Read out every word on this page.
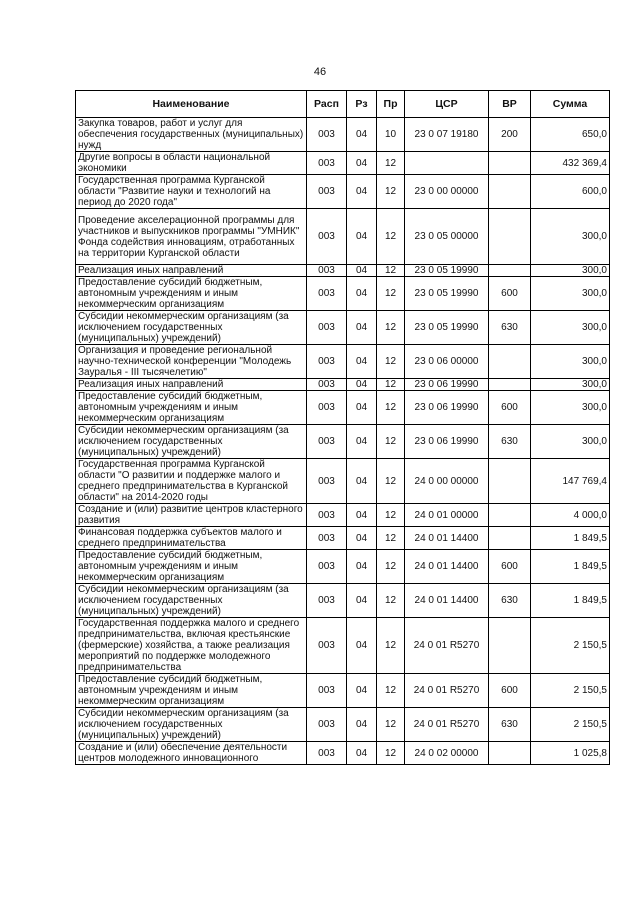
46
Наименование	Расп	Рз	Пр	ЦСР	ВР	Сумма
Закупка товаров, работ и услуг для обеспечения государственных (муниципальных) нужд	003	04	10	23 0 07 19180	200	650,0
Другие вопросы в области национальной экономики	003	04	12			432 369,4
Государственная программа Курганской области "Развитие науки и технологий на период до 2020 года"	003	04	12	23 0 00 00000		600,0
Проведение акселерационной программы для участников и выпускников программы "УМНИК" Фонда содействия инновациям, отработанных на территории Курганской области	003	04	12	23 0 05 00000		300,0
Реализация иных направлений	003	04	12	23 0 05 19990		300,0
Предоставление субсидий бюджетным, автономным учреждениям и иным некоммерческим организациям	003	04	12	23 0 05 19990	600	300,0
Субсидии некоммерческим организациям (за исключением государственных (муниципальных) учреждений)	003	04	12	23 0 05 19990	630	300,0
Организация и проведение региональной научно-технической конференции "Молодежь Зауралья - III тысячелетию"	003	04	12	23 0 06 00000		300,0
Реализация иных направлений	003	04	12	23 0 06 19990		300,0
Предоставление субсидий бюджетным, автономным учреждениям и иным некоммерческим организациям	003	04	12	23 0 06 19990	600	300,0
Субсидии некоммерческим организациям (за исключением государственных (муниципальных) учреждений)	003	04	12	23 0 06 19990	630	300,0
Государственная программа Курганской области "О развитии и поддержке малого и среднего предпринимательства в Курганской области" на 2014-2020 годы	003	04	12	24 0 00 00000		147 769,4
Создание и (или) развитие центров кластерного развития	003	04	12	24 0 01 00000		4 000,0
Финансовая поддержка субъектов малого и среднего предпринимательства	003	04	12	24 0 01 14400		1 849,5
Предоставление субсидий бюджетным, автономным учреждениям и иным некоммерческим организациям	003	04	12	24 0 01 14400	600	1 849,5
Субсидии некоммерческим организациям (за исключением государственных (муниципальных) учреждений)	003	04	12	24 0 01 14400	630	1 849,5
Государственная поддержка малого и среднего предпринимательства, включая крестьянские (фермерские) хозяйства, а также реализация мероприятий по поддержке молодежного предпринимательства	003	04	12	24 0 01 R5270		2 150,5
Предоставление субсидий бюджетным, автономным учреждениям и иным некоммерческим организациям	003	04	12	24 0 01 R5270	600	2 150,5
Субсидии некоммерческим организациям (за исключением государственных (муниципальных) учреждений)	003	04	12	24 0 01 R5270	630	2 150,5
Создание и (или) обеспечение деятельности центров молодежного инновационного	003	04	12	24 0 02 00000		1 025,8
